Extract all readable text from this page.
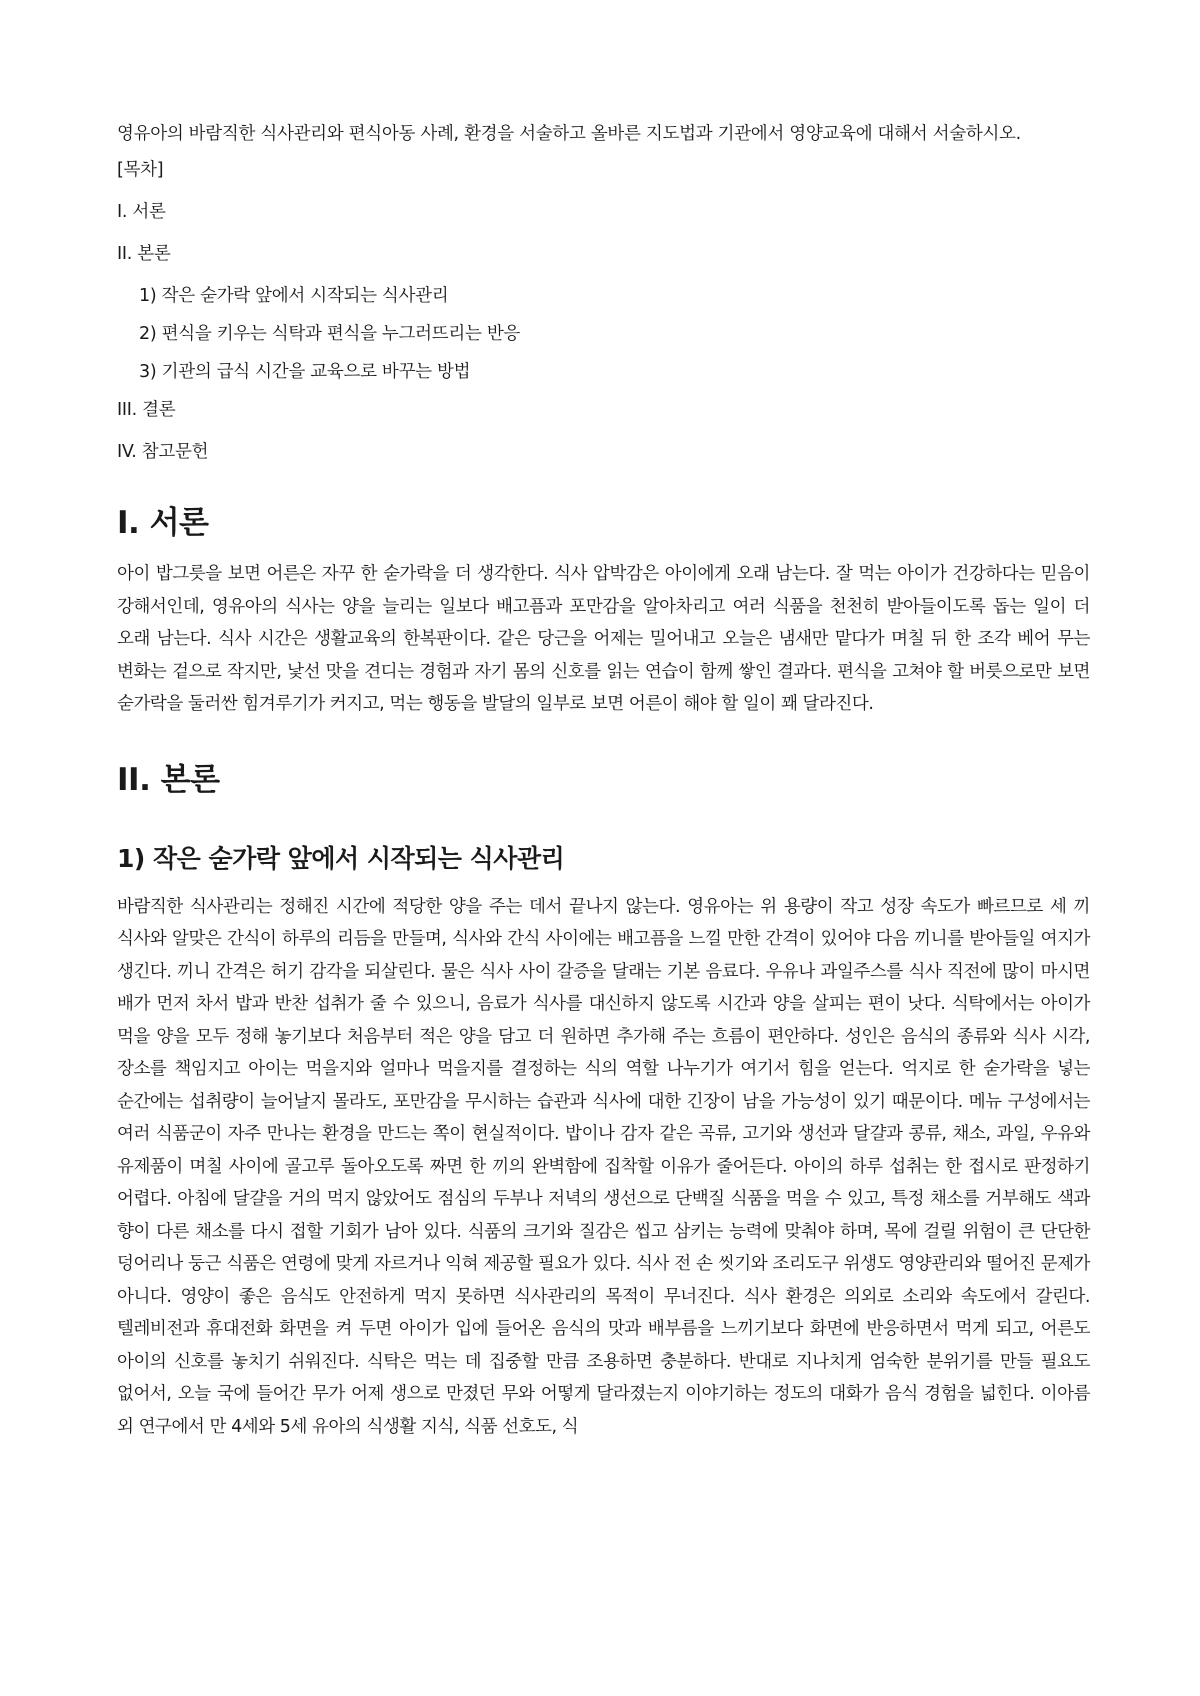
영유아의 바람직한 식사관리와 편식아동 사례, 환경을 서술하고 올바른 지도법과 기관에서 영양교육에 대해서 서술하시오.

[목차]

I. 서론

II. 본론

1) 작은 숟가락 앞에서 시작되는 식사관리

2) 편식을 키우는 식탁과 편식을 누그러뜨리는 반응

3) 기관의 급식 시간을 교육으로 바꾸는 방법

III. 결론

IV. 참고문헌

I. 서론

아이 밥그릇을 보면 어른은 자꾸 한 숟가락을 더 생각한다. 식사 압박감은 아이에게 오래 남는다. 잘 먹는 아이가 건강하다는 믿음이 강해서인데, 영유아의 식사는 양을 늘리는 일보다 배고픔과 포만감을 알아차리고 여러 식품을 천천히 받아들이도록 돕는 일이 더 오래 남는다. 식사 시간은 생활교육의 한복판이다. 같은 당근을 어제는 밀어내고 오늘은 냄새만 맡다가 며칠 뒤 한 조각 베어 무는 변화는 겉으로 작지만, 낯선 맛을 견디는 경험과 자기 몸의 신호를 읽는 연습이 함께 쌓인 결과다. 편식을 고쳐야 할 버릇으로만 보면 숟가락을 둘러싼 힘겨루기가 커지고, 먹는 행동을 발달의 일부로 보면 어른이 해야 할 일이 꽤 달라진다.

II. 본론
1) 작은 숟가락 앞에서 시작되는 식사관리

바람직한 식사관리는 정해진 시간에 적당한 양을 주는 데서 끝나지 않는다. 영유아는 위 용량이 작고 성장 속도가 빠르므로 세 끼 식사와 알맞은 간식이 하루의 리듬을 만들며, 식사와 간식 사이에는 배고픔을 느낄 만한 간격이 있어야 다음 끼니를 받아들일 여지가 생긴다. 끼니 간격은 허기 감각을 되살린다. 물은 식사 사이 갈증을 달래는 기본 음료다. 우유나 과일주스를 식사 직전에 많이 마시면 배가 먼저 차서 밥과 반찬 섭취가 줄 수 있으니, 음료가 식사를 대신하지 않도록 시간과 양을 살피는 편이 낫다. 식탁에서는 아이가 먹을 양을 모두 정해 놓기보다 처음부터 적은 양을 담고 더 원하면 추가해 주는 흐름이 편안하다. 성인은 음식의 종류와 식사 시각, 장소를 책임지고 아이는 먹을지와 얼마나 먹을지를 결정하는 식의 역할 나누기가 여기서 힘을 얻는다. 억지로 한 숟가락을 넣는 순간에는 섭취량이 늘어날지 몰라도, 포만감을 무시하는 습관과 식사에 대한 긴장이 남을 가능성이 있기 때문이다. 메뉴 구성에서는 여러 식품군이 자주 만나는 환경을 만드는 쪽이 현실적이다. 밥이나 감자 같은 곡류, 고기와 생선과 달걀과 콩류, 채소, 과일, 우유와 유제품이 며칠 사이에 골고루 돌아오도록 짜면 한 끼의 완벽함에 집착할 이유가 줄어든다. 아이의 하루 섭취는 한 접시로 판정하기 어렵다. 아침에 달걀을 거의 먹지 않았어도 점심의 두부나 저녁의 생선으로 단백질 식품을 먹을 수 있고, 특정 채소를 거부해도 색과 향이 다른 채소를 다시 접할 기회가 남아 있다. 식품의 크기와 질감은 씹고 삼키는 능력에 맞춰야 하며, 목에 걸릴 위험이 큰 단단한 덩어리나 둥근 식품은 연령에 맞게 자르거나 익혀 제공할 필요가 있다. 식사 전 손 씻기와 조리도구 위생도 영양관리와 떨어진 문제가 아니다. 영양이 좋은 음식도 안전하게 먹지 못하면 식사관리의 목적이 무너진다. 식사 환경은 의외로 소리와 속도에서 갈린다. 텔레비전과 휴대전화 화면을 켜 두면 아이가 입에 들어온 음식의 맛과 배부름을 느끼기보다 화면에 반응하면서 먹게 되고, 어른도 아이의 신호를 놓치기 쉬워진다. 식탁은 먹는 데 집중할 만큼 조용하면 충분하다. 반대로 지나치게 엄숙한 분위기를 만들 필요도 없어서, 오늘 국에 들어간 무가 어제 생으로 만졌던 무와 어떻게 달라졌는지 이야기하는 정도의 대화가 음식 경험을 넓힌다. 이아름 외 연구에서 만 4세와 5세 유아의 식생활 지식, 식품 선호도, 식
